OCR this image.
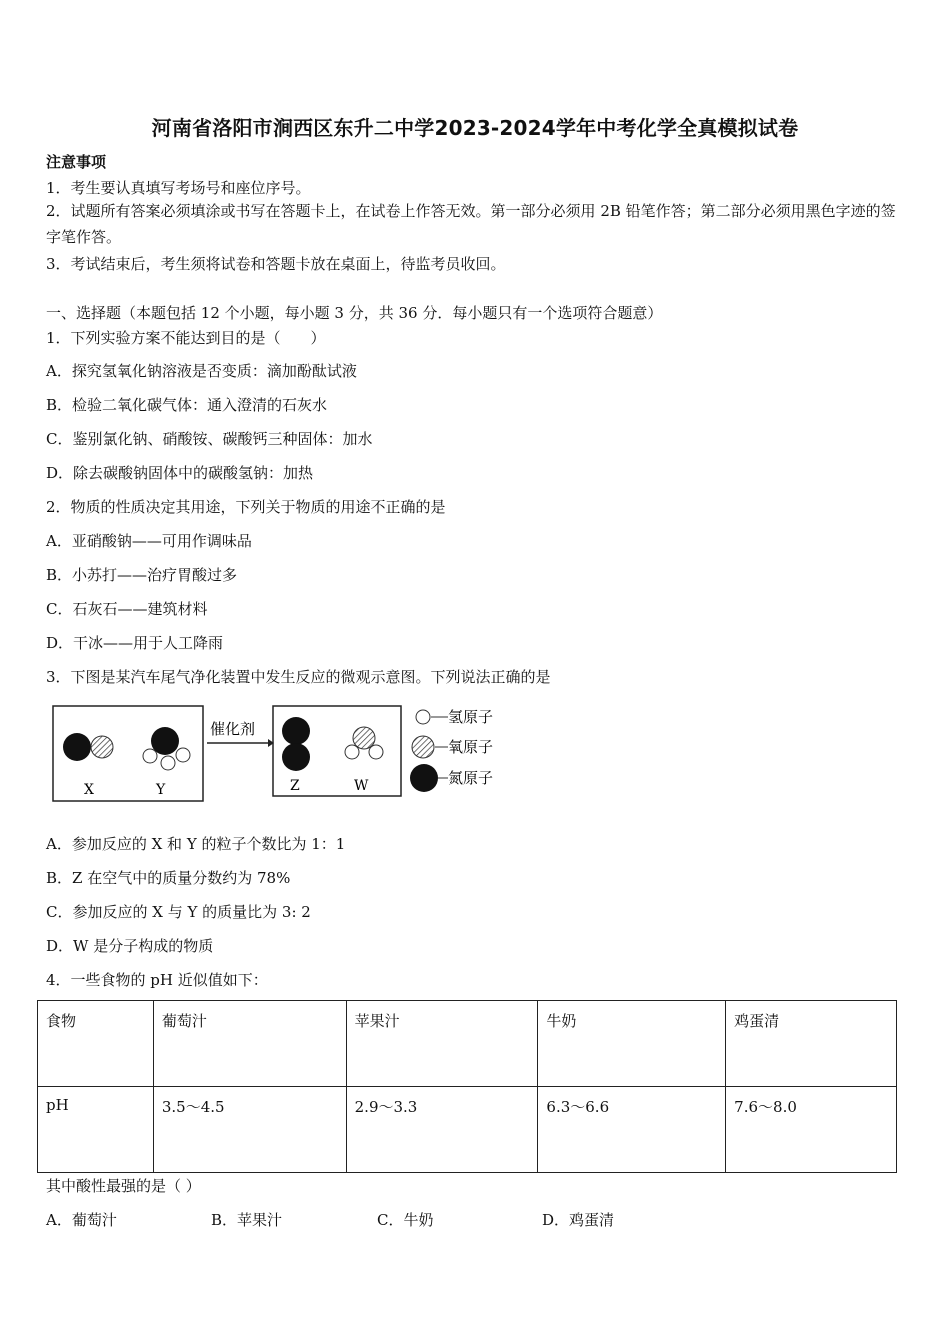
河南省洛阳市涧西区东升二中学2023-2024学年中考化学全真模拟试卷
注意事项
1．考生要认真填写考场号和座位序号。
2．试题所有答案必须填涂或书写在答题卡上，在试卷上作答无效。第一部分必须用 2B 铅笔作答；第二部分必须用黑色字迹的签字笔作答。
3．考试结束后，考生须将试卷和答题卡放在桌面上，待监考员收回。
一、选择题（本题包括 12 个小题，每小题 3 分，共 36 分．每小题只有一个选项符合题意）
1．下列实验方案不能达到目的是（　　）
A．探究氢氧化钠溶液是否变质：滴加酚酞试液
B．检验二氧化碳气体：通入澄清的石灰水
C．鉴别氯化钠、硝酸铵、碳酸钙三种固体：加水
D．除去碳酸钠固体中的碳酸氢钠：加热
2．物质的性质决定其用途，下列关于物质的用途不正确的是
A．亚硝酸钠——可用作调味品
B．小苏打——治疗胃酸过多
C．石灰石——建筑材料
D．干冰——用于人工降雨
3．下图是某汽车尾气净化装置中发生反应的微观示意图。下列说法正确的是
X	Y
催化剂
Z	W
氢原子
氧原子
氮原子
A．参加反应的 X 和 Y 的粒子个数比为 1：1
B．Z 在空气中的质量分数约为 78%
C．参加反应的 X 与 Y 的质量比为 3: 2
D．W 是分子构成的物质
4．一些食物的 pH 近似值如下：
食物	葡萄汁	苹果汁	牛奶	鸡蛋清
pH	3.5～4.5	2.9～3.3	6.3～6.6	7.6～8.0
其中酸性最强的是（ ）
A．葡萄汁	B．苹果汁	C．牛奶	D．鸡蛋清
